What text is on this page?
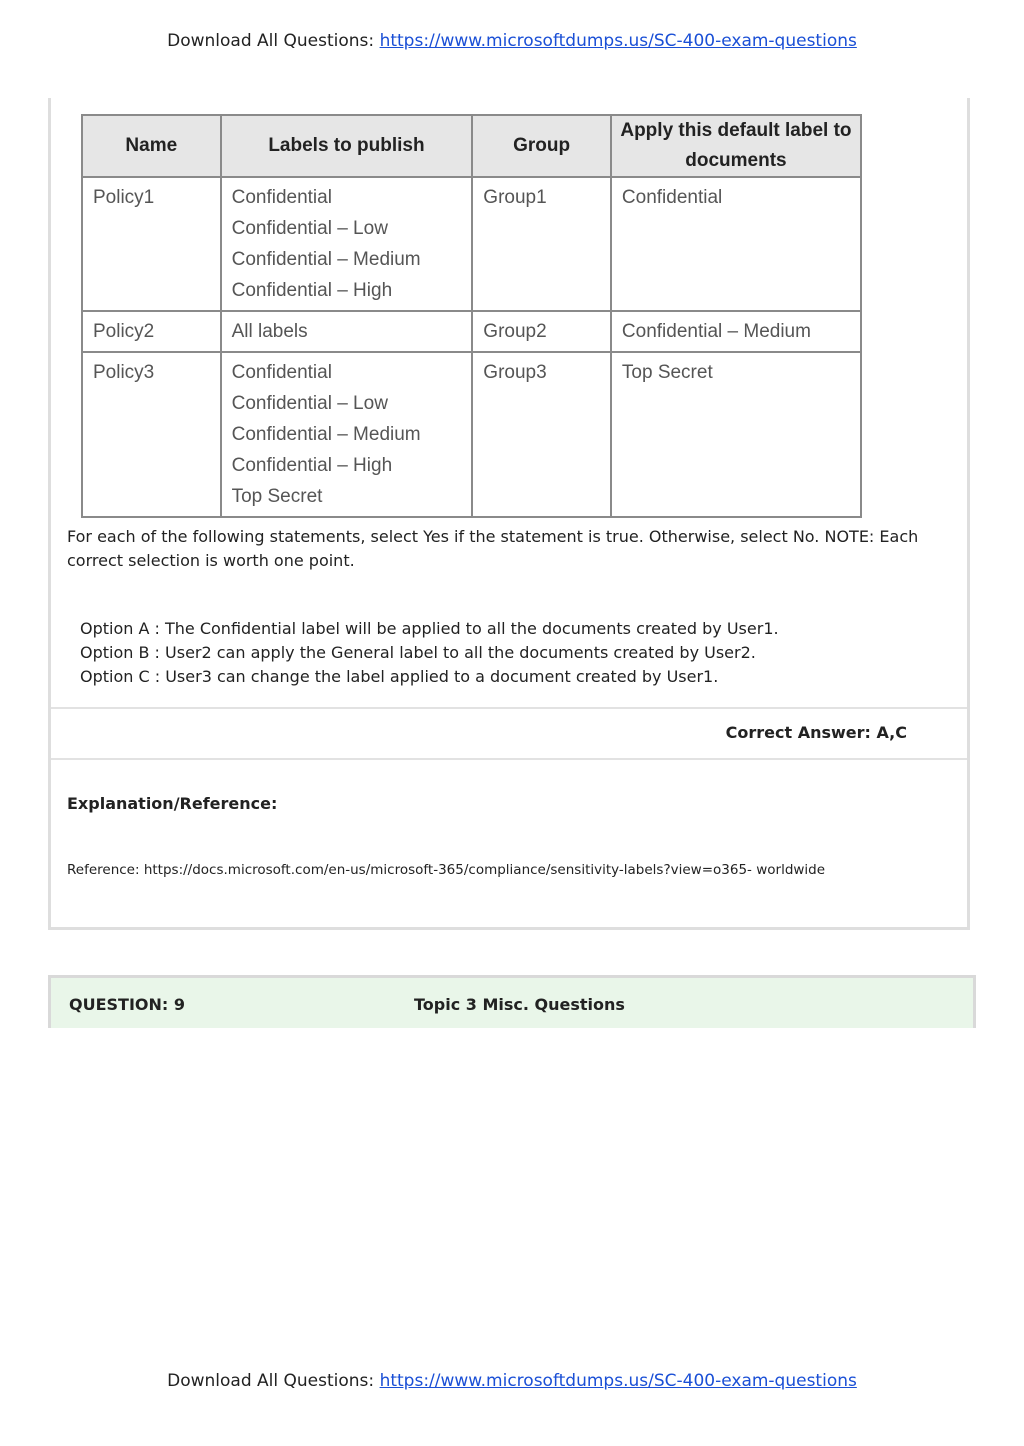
Download All Questions: https://www.microsoftdumps.us/SC-400-exam-questions
Name	Labels to publish	Group	Apply this default label to documents
Policy1	Confidential
Confidential – Low
Confidential – Medium
Confidential – High	Group1	Confidential
Policy2	All labels	Group2	Confidential – Medium
Policy3	Confidential
Confidential – Low
Confidential – Medium
Confidential – High
Top Secret	Group3	Top Secret
For each of the following statements, select Yes if the statement is true. Otherwise, select No. NOTE: Each correct selection is worth one point.
Option A : The Confidential label will be applied to all the documents created by User1.
Option B : User2 can apply the General label to all the documents created by User2.
Option C : User3 can change the label applied to a document created by User1.
Correct Answer: A,C
Explanation/Reference:
Reference: https://docs.microsoft.com/en-us/microsoft-365/compliance/sensitivity-labels?view=o365- worldwide
QUESTION: 9	Topic 3 Misc. Questions
Download All Questions: https://www.microsoftdumps.us/SC-400-exam-questions
